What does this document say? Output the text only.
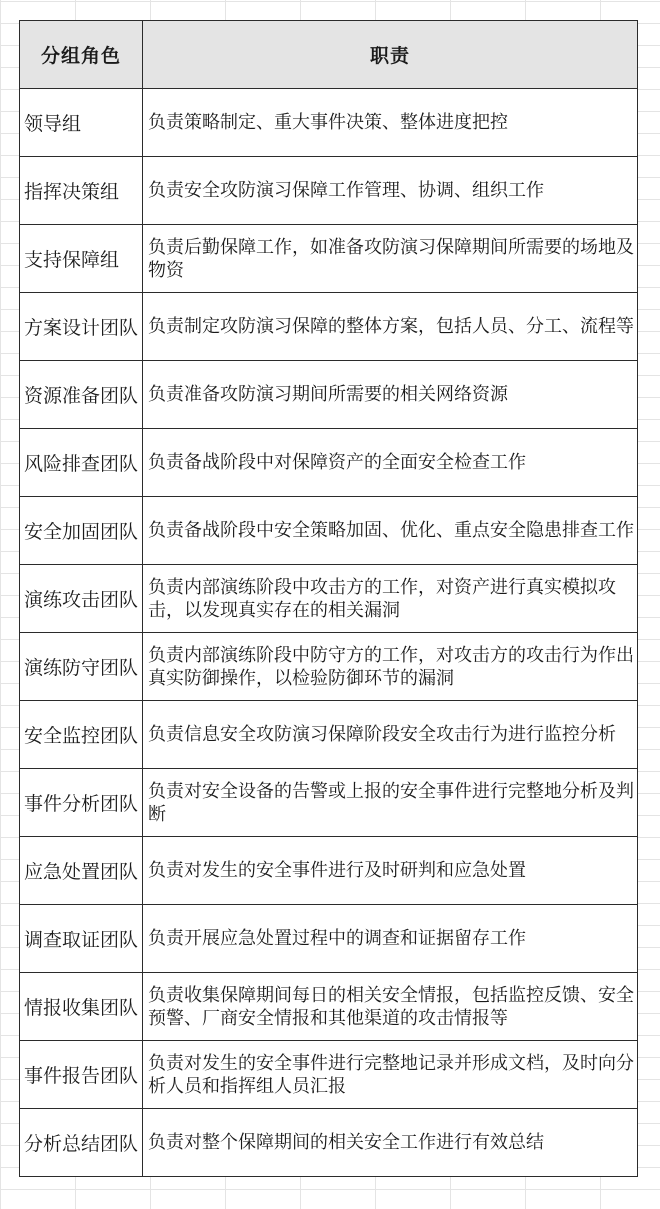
分组角色	职责
领导组	负责策略制定、重大事件决策、整体进度把控
指挥决策组	负责安全攻防演习保障工作管理、协调、组织工作
支持保障组	负责后勤保障工作，如准备攻防演习保障期间所需要的场地及物资
方案设计团队	负责制定攻防演习保障的整体方案，包括人员、分工、流程等
资源准备团队	负责准备攻防演习期间所需要的相关网络资源
风险排查团队	负责备战阶段中对保障资产的全面安全检查工作
安全加固团队	负责备战阶段中安全策略加固、优化、重点安全隐患排查工作
演练攻击团队	负责内部演练阶段中攻击方的工作，对资产进行真实模拟攻击，以发现真实存在的相关漏洞
演练防守团队	负责内部演练阶段中防守方的工作，对攻击方的攻击行为作出真实防御操作，以检验防御环节的漏洞
安全监控团队	负责信息安全攻防演习保障阶段安全攻击行为进行监控分析
事件分析团队	负责对安全设备的告警或上报的安全事件进行完整地分析及判断
应急处置团队	负责对发生的安全事件进行及时研判和应急处置
调查取证团队	负责开展应急处置过程中的调查和证据留存工作
情报收集团队	负责收集保障期间每日的相关安全情报，包括监控反馈、安全预警、厂商安全情报和其他渠道的攻击情报等
事件报告团队	负责对发生的安全事件进行完整地记录并形成文档，及时向分析人员和指挥组人员汇报
分析总结团队	负责对整个保障期间的相关安全工作进行有效总结
